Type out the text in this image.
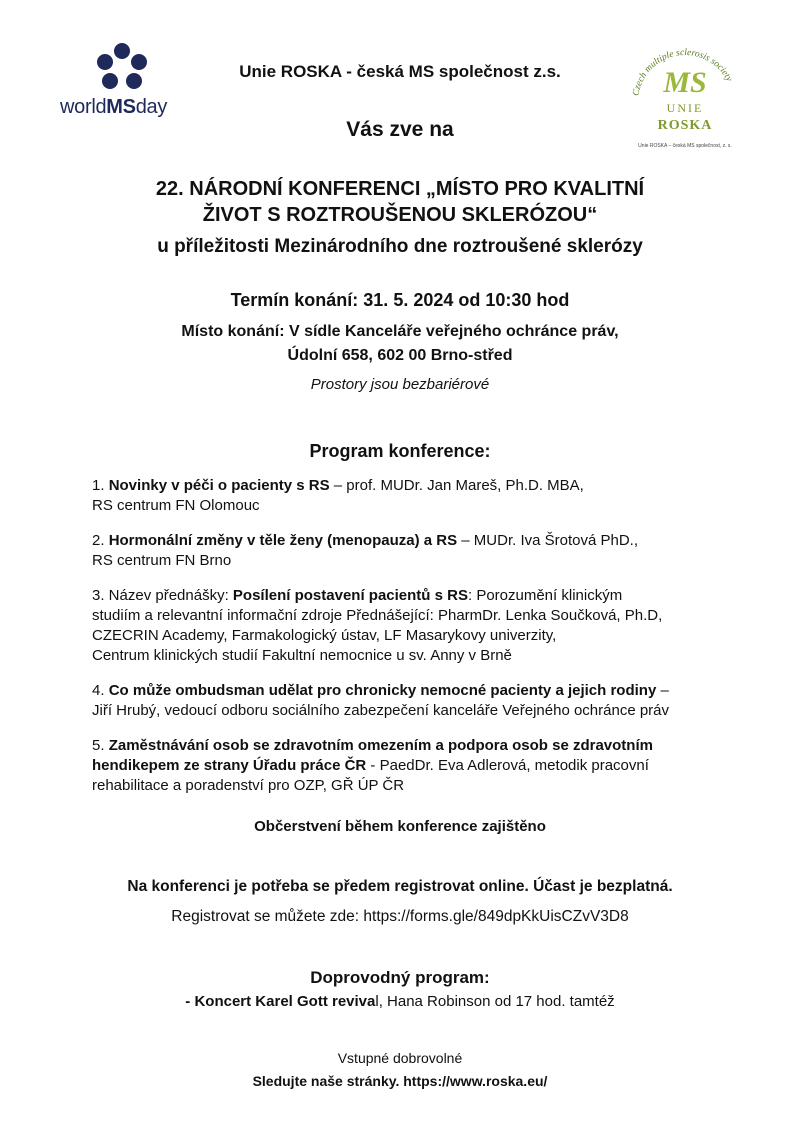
worldMSday
Czech multiple sclerosis society
MS
UNIE
ROSKA
Unie ROSKA – česká MS společnost, z. s.
Unie ROSKA - česká MS společnost z.s.
Vás zve na
22. NÁRODNÍ KONFERENCI „MÍSTO PRO KVALITNÍ
ŽIVOT S ROZTROUŠENOU SKLERÓZOU“
u příležitosti Mezinárodního dne roztroušené sklerózy
Termín konání: 31. 5. 2024 od 10:30 hod
Místo konání: V sídle Kanceláře veřejného ochránce práv,
Údolní 658, 602 00 Brno-střed
Prostory jsou bezbariérové
Program konference:
1. Novinky v péči o pacienty s RS – prof. MUDr. Jan Mareš, Ph.D. MBA,
RS centrum FN Olomouc
2. Hormonální změny v těle ženy (menopauza) a RS – MUDr. Iva Šrotová PhD.,
RS centrum FN Brno
3. Název přednášky: Posílení postavení pacientů s RS: Porozumění klinickým
studiím a relevantní informační zdroje Přednášející: PharmDr. Lenka Součková, Ph.D,
CZECRIN Academy, Farmakologický ústav, LF Masarykovy univerzity,
Centrum klinických studií Fakultní nemocnice u sv. Anny v Brně
4. Co může ombudsman udělat pro chronicky nemocné pacienty a jejich rodiny –
Jiří Hrubý, vedoucí odboru sociálního zabezpečení kanceláře Veřejného ochránce práv
5. Zaměstnávání osob se zdravotním omezením a podpora osob se zdravotním
hendikepem ze strany Úřadu práce ČR - PaedDr. Eva Adlerová, metodik pracovní
rehabilitace a poradenství pro OZP, GŘ ÚP ČR
Občerstvení během konference zajištěno
Na konferenci je potřeba se předem registrovat online. Účast je bezplatná.
Registrovat se můžete zde: https://forms.gle/849dpKkUisCZvV3D8
Doprovodný program:
- Koncert Karel Gott revival, Hana Robinson od 17 hod. tamtéž
Vstupné dobrovolné
Sledujte naše stránky. https://www.roska.eu/
